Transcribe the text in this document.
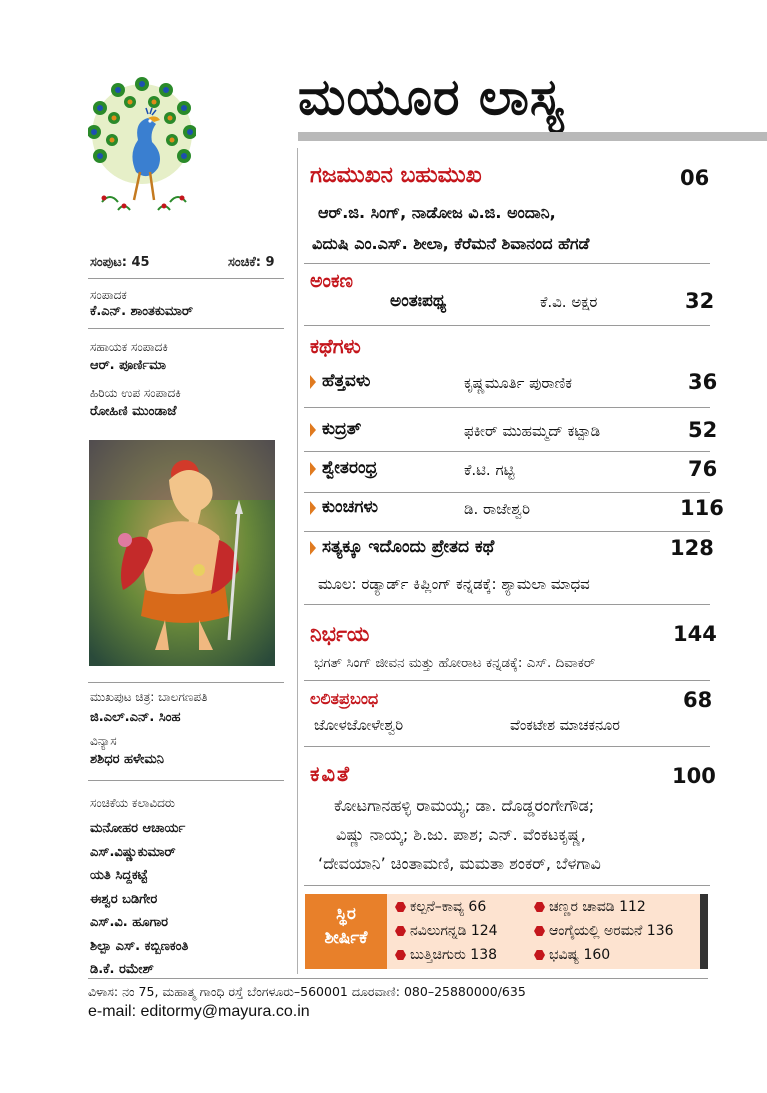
ಮಯೂರ ಲಾಸ್ಯ
ಸಂಪುಟ: 45	ಸಂಚಿಕೆ: 9
ಸಂಪಾದಕ
ಕೆ.ಎನ್. ಶಾಂತಕುಮಾರ್
ಸಹಾಯಕ ಸಂಪಾದಕಿ
ಆರ್. ಪೂರ್ಣಿಮಾ
ಹಿರಿಯ ಉಪ ಸಂಪಾದಕಿ
ರೋಹಿಣಿ ಮುಂಡಾಜೆ
ಮುಖಪುಟ ಚಿತ್ರ: ಬಾಲಗಣಪತಿ
ಜಿ.ಎಲ್.ಎನ್. ಸಿಂಹ
ವಿನ್ಯಾಸ
ಶಶಿಧರ ಹಳೇಮನಿ
ಸಂಚಿಕೆಯ ಕಲಾವಿದರು
ಮನೋಹರ ಆಚಾರ್ಯ
ಎಸ್.ವಿಷ್ಣುಕುಮಾರ್
ಯತಿ ಸಿದ್ದಕಟ್ಟೆ
ಈಶ್ವರ ಬಡಿಗೇರ
ಎಸ್.ವಿ. ಹೂಗಾರ
ಶಿಲ್ಪಾ ಎಸ್. ಕಬ್ಬಿಣಕಂತಿ
ಡಿ.ಕೆ. ರಮೇಶ್
ಗಜಮುಖನ ಬಹುಮುಖ	06
ಆರ್.ಜಿ. ಸಿಂಗ್, ನಾಡೋಜ ವಿ.ಜಿ. ಅಂದಾನಿ,
ವಿದುಷಿ ಎಂ.ಎಸ್. ಶೀಲಾ, ಕೆರೆಮನೆ ಶಿವಾನಂದ ಹೆಗಡೆ
ಅಂಕಣ
ಅಂತಃಪಥ್ಯ	ಕೆ.ವಿ. ಅಕ್ಷರ	32
ಕಥೆಗಳು
ಹೆತ್ತವಳು	ಕೃಷ್ಣಮೂರ್ತಿ ಪುರಾಣಿಕ	36
ಕುದ್ರತ್	ಫಕೀರ್ ಮುಹಮ್ಮದ್ ಕಟ್ಪಾಡಿ	52
ಶ್ವೇತರಂಧ್ರ	ಕೆ.ಟಿ. ಗಟ್ಟಿ	76
ಕುಂಚಗಳು	ಡಿ. ರಾಜೇಶ್ವರಿ	116
ಸತ್ಯಕ್ಕೂ ಇದೊಂದು ಪ್ರೇತದ ಕಥೆ	128
ಮೂಲ: ರಡ್ಯಾರ್ಡ್ ಕಿಪ್ಲಿಂಗ್ ಕನ್ನಡಕ್ಕೆ: ಶ್ಯಾಮಲಾ ಮಾಧವ
ನಿರ್ಭಯ	144
ಭಗತ್ ಸಿಂಗ್ ಜೀವನ ಮತ್ತು ಹೋರಾಟ ಕನ್ನಡಕ್ಕೆ: ಎಸ್. ದಿವಾಕರ್
ಲಲಿತಪ್ರಬಂಧ	68
ಜೋಳಜೋಳೇಶ್ವರಿ	ವೆಂಕಟೇಶ ಮಾಚಕನೂರ
ಕವಿತೆ	100
ಕೋಟಗಾನಹಳ್ಳಿ ರಾಮಯ್ಯ; ಡಾ. ದೊಡ್ಡರಂಗೇಗೌಡ;
ವಿಷ್ಣು ನಾಯ್ಕ; ಶಿ.ಜು. ಪಾಶ; ಎನ್. ವೆಂಕಟಕೃಷ್ಣ,
‘ದೇವಯಾನಿ’ ಚಿಂತಾಮಣಿ, ಮಮತಾ ಶಂಕರ್, ಬೆಳಗಾವಿ
ಸ್ಥಿರ
ಶೀರ್ಷಿಕೆ
ಕಲ್ಪನೆ–ಕಾವ್ಯ 66	ಚಣ್ಣರ ಚಾವಡಿ 112
ನವಿಲುಗನ್ನಡಿ 124	ಆಂಗೈಯಲ್ಲಿ ಅರಮನೆ 136
ಬುತ್ತಿಚಿಗುರು 138	ಭವಿಷ್ಯ 160
ವಿಳಾಸ: ನಂ 75, ಮಹಾತ್ಮ ಗಾಂಧಿ ರಸ್ತೆ ಬೆಂಗಳೂರು–560001 ದೂರವಾಣಿ: 080–25880000/635
e-mail: editormy@mayura.co.in
